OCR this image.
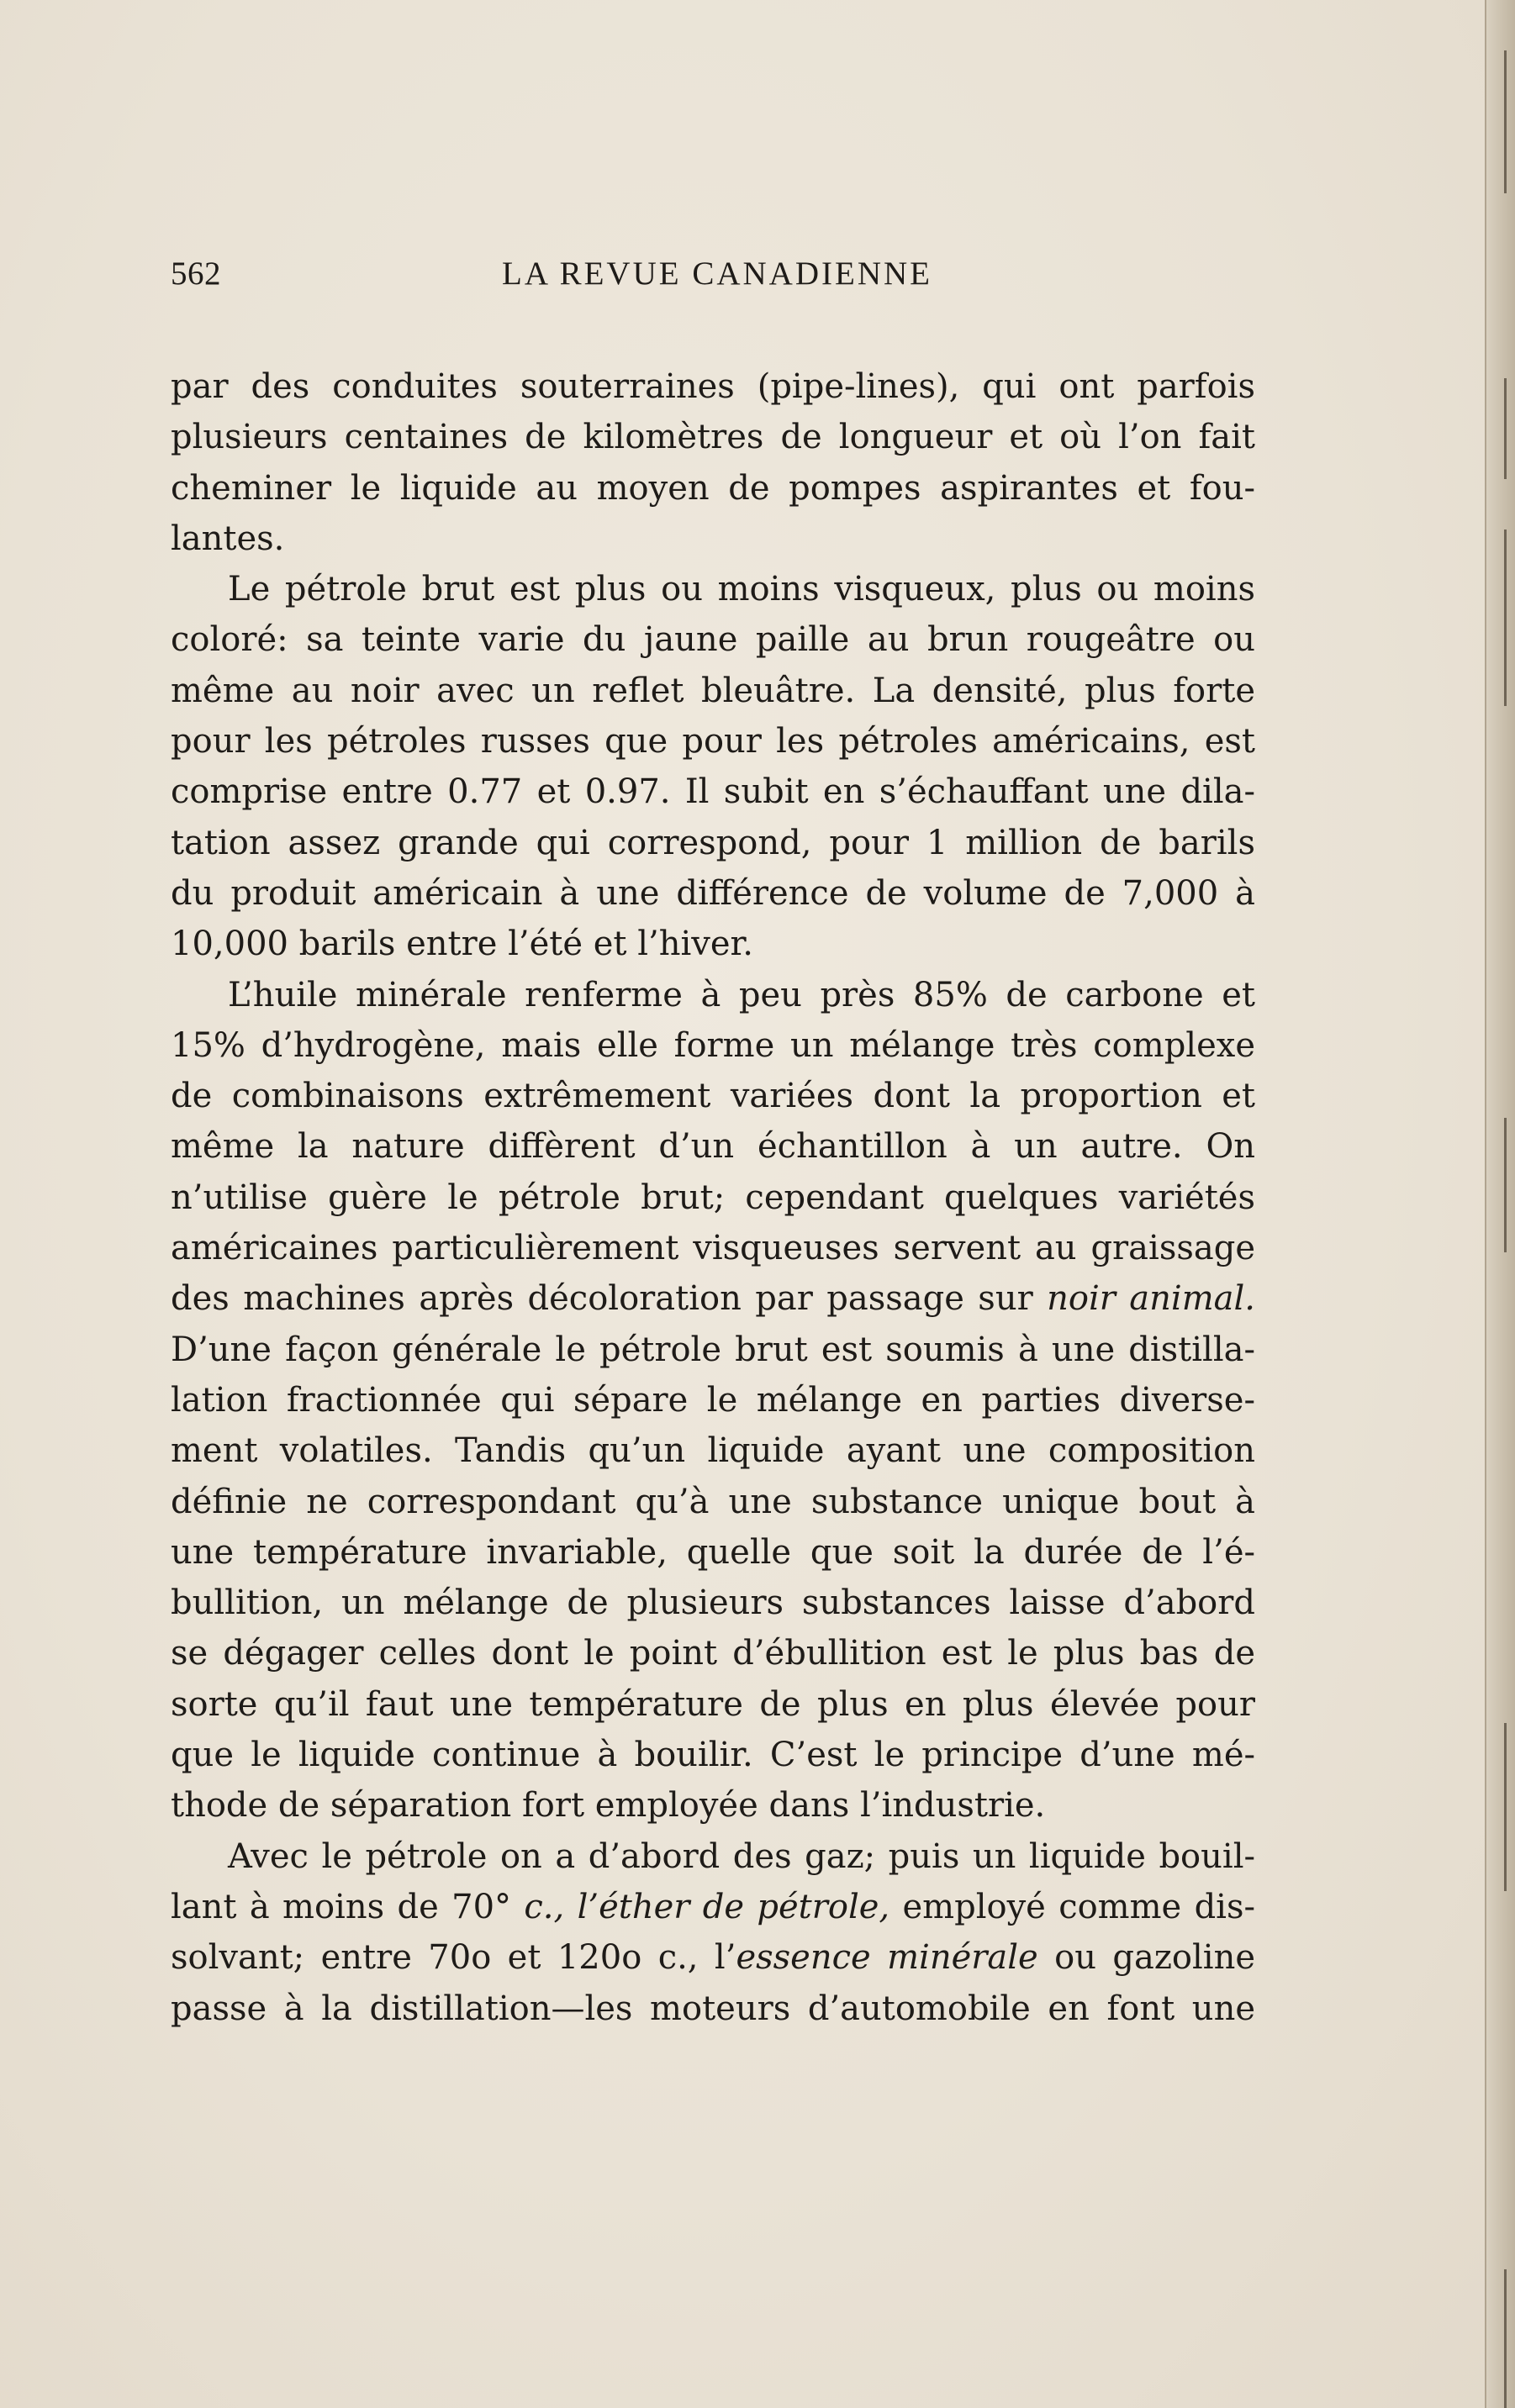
562	LA REVUE CANADIENNE
par des conduites souterraines (pipe-lines), qui ont parfois
plusieurs centaines de kilomètres de longueur et où l’on fait
cheminer le liquide au moyen de pompes aspirantes et fou-
lantes.
Le pétrole brut est plus ou moins visqueux, plus ou moins
coloré: sa teinte varie du jaune paille au brun rougeâtre ou
même au noir avec un reflet bleuâtre. La densité, plus forte
pour les pétroles russes que pour les pétroles américains, est
comprise entre 0.77 et 0.97. Il subit en s’échauffant une dila-
tation assez grande qui correspond, pour 1 million de barils
du produit américain à une différence de volume de 7,000 à
10,000 barils entre l’été et l’hiver.
L’huile minérale renferme à peu près 85% de carbone et
15% d’hydrogène, mais elle forme un mélange très complexe
de combinaisons extrêmement variées dont la proportion et
même la nature diffèrent d’un échantillon à un autre. On
n’utilise guère le pétrole brut; cependant quelques variétés
américaines particulièrement visqueuses servent au graissage
des machines après décoloration par passage sur noir animal.
D’une façon générale le pétrole brut est soumis à une distilla-
lation fractionnée qui sépare le mélange en parties diverse-
ment volatiles. Tandis qu’un liquide ayant une composition
définie ne correspondant qu’à une substance unique bout à
une température invariable, quelle que soit la durée de l’é-
bullition, un mélange de plusieurs substances laisse d’abord
se dégager celles dont le point d’ébullition est le plus bas de
sorte qu’il faut une température de plus en plus élevée pour
que le liquide continue à bouilir. C’est le principe d’une mé-
thode de séparation fort employée dans l’industrie.
Avec le pétrole on a d’abord des gaz; puis un liquide bouil-
lant à moins de 70° c., l’éther de pétrole, employé comme dis-
solvant; entre 70o et 120o c., l’essence minérale ou gazoline
passe à la distillation—les moteurs d’automobile en font une
